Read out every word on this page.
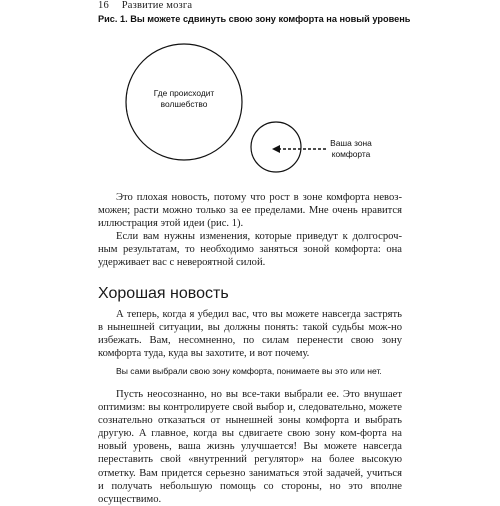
16 Развитие мозга
Рис. 1. Вы можете сдвинуть свою зону комфорта на новый уровень
Где происходит
волшебство
Ваша зона
комфорта

Это плохая новость, потому что рост в зоне комфорта невоз-можен; расти можно только за ее пределами. Мне очень нравится иллюстрация этой идеи (рис. 1).

Если вам нужны изменения, которые приведут к долгосроч-ным результатам, то необходимо заняться зоной комфорта: она удерживает вас с невероятной силой.

Хорошая новость

А теперь, когда я убедил вас, что вы можете навсегда застрять в нынешней ситуации, вы должны понять: такой судьбы мож-но избежать. Вам, несомненно, по силам перенести свою зону комфорта туда, куда вы захотите, и вот почему.

Вы сами выбрали свою зону комфорта, понимаете вы это или нет.

Пусть неосознанно, но вы все-таки выбрали ее. Это внушает оптимизм: вы контролируете свой выбор и, следовательно, можете сознательно отказаться от нынешней зоны комфорта и выбрать другую. А главное, когда вы сдвигаете свою зону ком-форта на новый уровень, ваша жизнь улучшается! Вы можете навсегда переставить свой «внутренний регулятор» на более высокую отметку. Вам придется серьезно заниматься этой задачей, учиться и получать небольшую помощь со стороны, но это вполне осуществимо.
